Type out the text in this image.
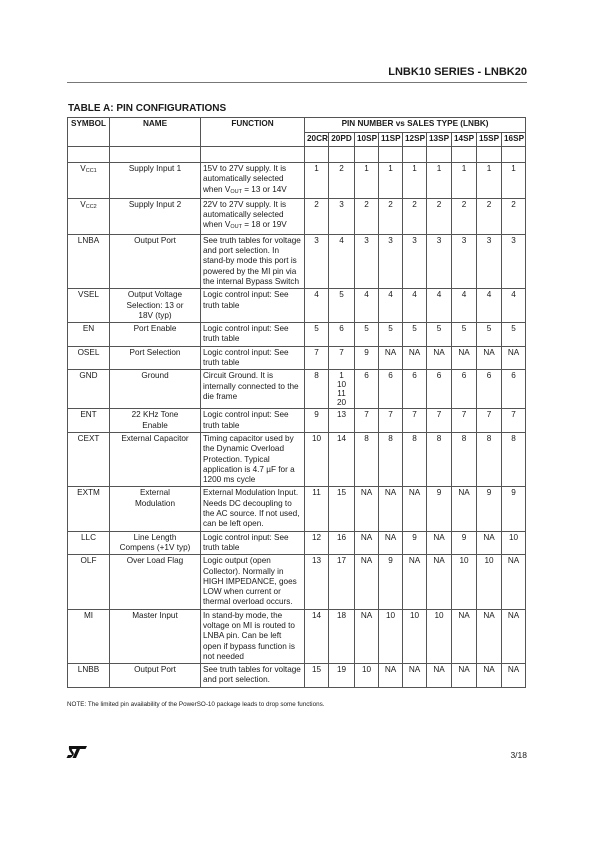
LNBK10 SERIES - LNBK20
TABLE A: PIN CONFIGURATIONS
SYMBOL	NAME	FUNCTION	PIN NUMBER vs SALES TYPE (LNBK)								
			20CR	20PD	10SP	11SP	12SP	13SP	14SP	15SP	16SP

$V_{CC1}$	Supply Input 1	15V to 27V supply. It is
automatically selected
when $V_{OUT} = 13$ or 14V	1	2	1	1	1	1	1	1	1
$V_{CC2}$	Supply Input 2	22V to 27V supply. It is
automatically selected
when $V_{OUT} = 18$ or 19V	2	3	2	2	2	2	2	2	2
LNBA	Output Port	See truth tables for voltage
and port selection. In
stand-by mode this port is
powered by the MI pin via
the internal Bypass Switch	3	4	3	3	3	3	3	3	3
VSEL	Output Voltage
Selection: 13 or
18V (typ)	Logic control input: See
truth table	4	5	4	4	4	4	4	4	4
EN	Port Enable	Logic control input: See
truth table	5	6	5	5	5	5	5	5	5
OSEL	Port Selection	Logic control input: See
truth table	7	7	9	NA	NA	NA	NA	NA	NA
GND	Ground	Circuit Ground. It is
internally connected to the
die frame	8	1
10
11
20	6	6	6	6	6	6	6
ENT	22 KHz Tone
Enable	Logic control input: See
truth table	9	13	7	7	7	7	7	7	7
CEXT	External Capacitor	Timing capacitor used by
the Dynamic Overload
Protection. Typical
application is 4.7 µF for a
1200 ms cycle	10	14	8	8	8	8	8	8	8
EXTM	External
Modulation	External Modulation Input.
Needs DC decoupling to
the AC source. If not used,
can be left open.	11	15	NA	NA	NA	9	NA	9	9
LLC	Line Length
Compens (+1V typ)	Logic control input: See
truth table	12	16	NA	NA	9	NA	9	NA	10
OLF	Over Load Flag	Logic output (open
Collector). Normally in
HIGH IMPEDANCE, goes
LOW when current or
thermal overload occurs.	13	17	NA	9	NA	NA	10	10	NA
MI	Master Input	In stand-by mode, the
voltage on MI is routed to
LNBA pin. Can be left
open if bypass function is
not needed	14	18	NA	10	10	10	NA	NA	NA
LNBB	Output Port	See truth tables for voltage
and port selection.	15	19	10	NA	NA	NA	NA	NA	NA
NOTE: The limited pin availability of the PowerSO-10 package leads to drop some functions.
3/18
